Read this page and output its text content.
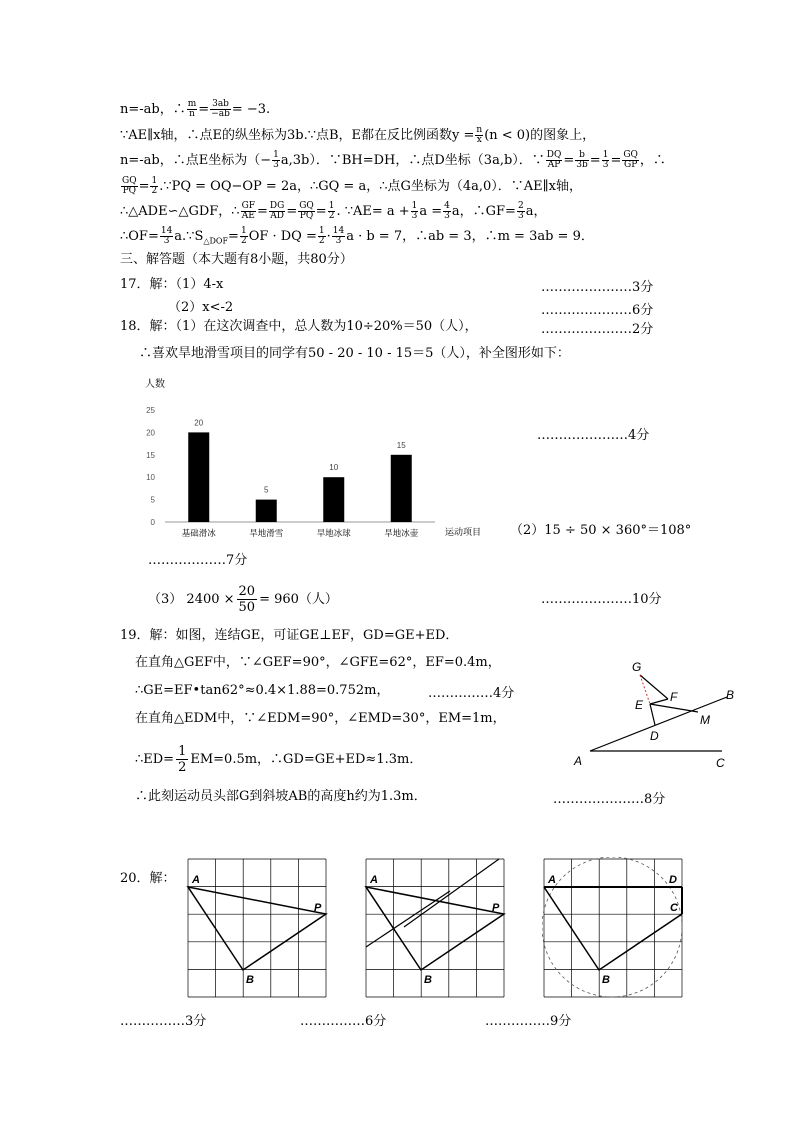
n=-ab，∴ $\frac{m}{n} = \frac{3ab}{-ab} = -3$.
∵AE∥x轴，∴点E的纵坐标为3b.∵点B，E都在反比例函数$y = \frac{n}{x} (n < 0)$的图象上，
n=-ab，∴点E坐标为（− $\frac{1}{3} a,3b$）．∵BH=DH，∴点D坐标（3a,b）．∵ $\frac{DQ}{AP} = \frac{b}{3b} = \frac{1}{3} = \frac{GQ}{GP}$ ，∴
$\frac{GQ}{PQ} = \frac{1}{2}$ .∵PQ = OQ−OP = 2a，∴GQ = a，∴点G坐标为（4a,0）．∵AE∥x轴，
∴△ADE∽△GDF，∴ $\frac{GF}{AE} = \frac{DG}{AD} = \frac{GQ}{PQ} = \frac{1}{2}$ . ∵AE= $a + \frac{1}{3}$ $a = \frac{4}{3}$ a，∴GF= $\frac{2}{3}$ a，
∴OF= $\frac{14}{3}$ $a.\because S_{\triangle DOF}= \frac{1}{2}$ OF · DQ = $\frac{1}{2} \cdot \frac{14}{3}$ a · b = 7，∴ab = 3，∴m = 3ab = 9．
三、解答题（本大题有8小题，共80分）
17．解：（1）4-x	…………………3分
（2）x<-2	…………………6分
18．解：（1）在这次调查中，总人数为10÷20%＝50（人），	…………………2分
∴喜欢旱地滑雪项目的同学有50 - 20 - 10 - 15＝5（人），补全图形如下：
人数
0
5
10
15
20
25
20
5
10
15
基础滑冰	旱地滑雪	旱地冰球	旱地冰壶	运动项目
…………………4分
（2）15 ÷ 50 × 360°＝108°
………………7分
（3） $2400 \times \frac{20}{50} = 960$（人）	…………………10分
19．解：如图，连结GE，可证GE⊥EF，GD=GE+ED．
在直角△GEF中，∵∠GEF=90°，∠GFE=62°，EF=0.4m，
∴GE=EF•tan62°≈0.4×1.88=0.752m，	……………4分
在直角△EDM中，∵∠EDM=90°，∠EMD=30°，EM=1m，
∴ED= $\frac{1}{2} EM=0.5m$，∴GD=GE+ED≈1.3m．
∴此刻运动员头部G到斜坡AB的高度h约为1.3m．	…………………8分
G
F
E
M
D
B
A	C
20．解： A
P
B
A
P
B
A	D
C
B
……………3分	……………6分	……………9分
